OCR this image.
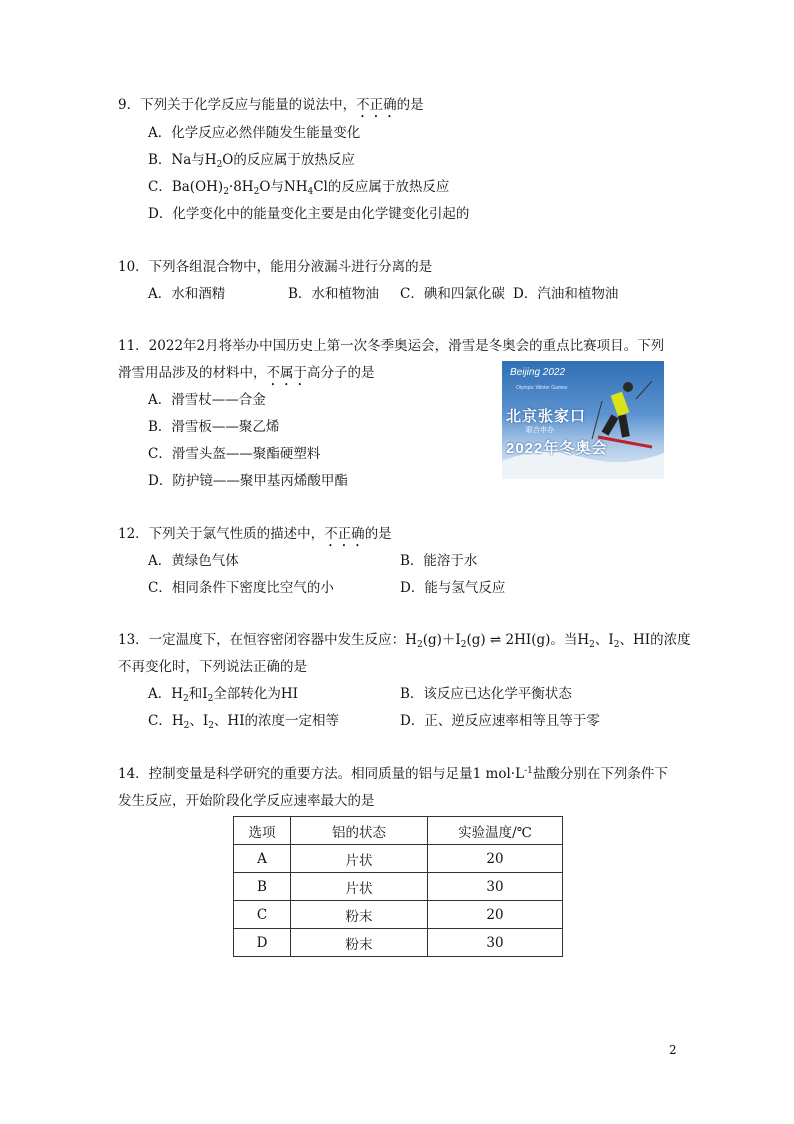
9．下列关于化学反应与能量的说法中，不正确的是
A．化学反应必然伴随发生能量变化
B．Na与$H_2O$的反应属于放热反应
C．$Ba(OH)_2\cdot 8H_2O$与$NH_4Cl$的反应属于放热反应
D．化学变化中的能量变化主要是由化学键变化引起的
10．下列各组混合物中，能用分液漏斗进行分离的是
A．水和酒精	B．水和植物油 C．碘和四氯化碳 D．汽油和植物油
11．2022年2月将举办中国历史上第一次冬季奥运会，滑雪是冬奥会的重点比赛项目。下列
滑雪用品涉及的材料中，不属于高分子的是
A．滑雪杖——合金
B．滑雪板——聚乙烯
C．滑雪头盔——聚酯硬塑料
D．防护镜——聚甲基丙烯酸甲酯
Beijing 2022
Olympic Winter Games
北京张家口
联合申办
2022年冬奥会
12．下列关于氯气性质的描述中，不正确的是
A．黄绿色气体	B．能溶于水
C．相同条件下密度比空气的小	D．能与氢气反应
13．一定温度下，在恒容密闭容器中发生反应：$H_2(g)+I_2(g)$ ⇌ 2HI(g)。当$H_2$、$I_2$、HI的浓度
不再变化时，下列说法正确的是
A．$H_2$和$I_2$全部转化为HI	B．该反应已达化学平衡状态
C．$H_2$、$I_2$、HI的浓度一定相等	D．正、逆反应速率相等且等于零
14．控制变量是科学研究的重要方法。相同质量的铝与足量1 $mol\cdot L^{-1}$盐酸分别在下列条件下
发生反应，开始阶段化学反应速率最大的是
选项	铝的状态	实验温度/℃
A	片状	20
B	片状	30
C	粉末	20
D	粉末	30
2
